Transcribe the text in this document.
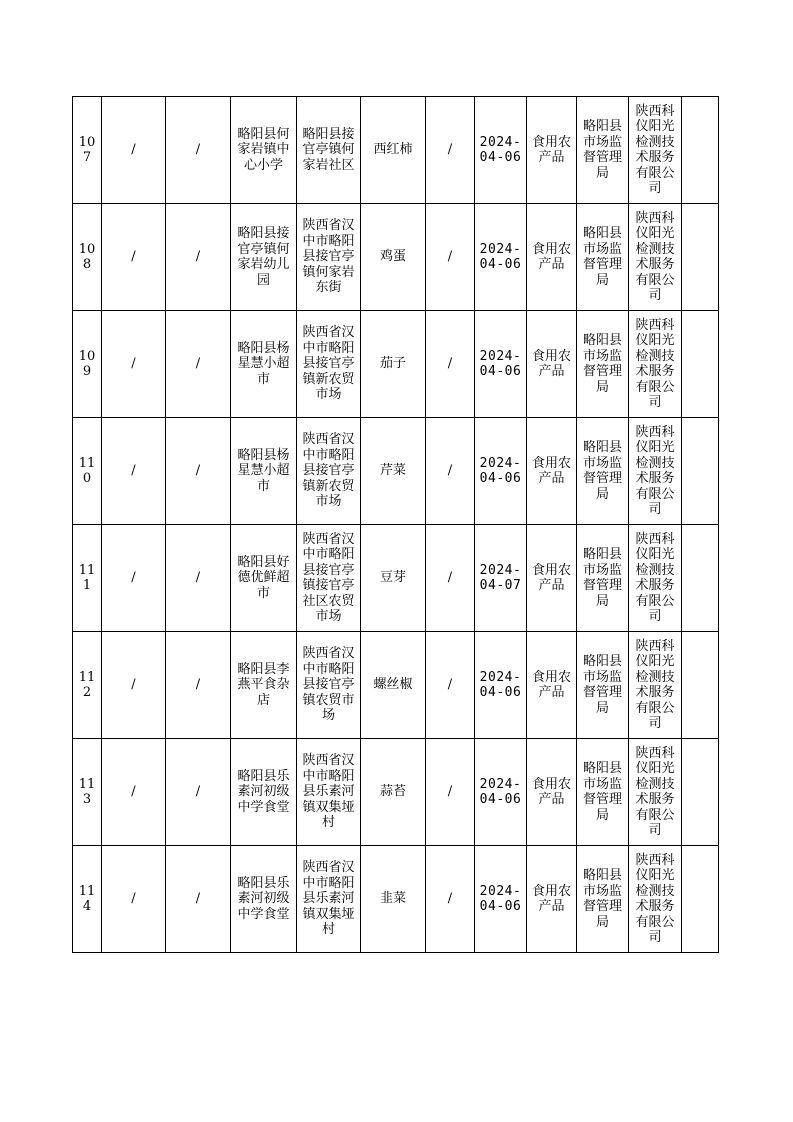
107	/	/	略阳县何家岩镇中心小学	略阳县接官亭镇何家岩社区	西红柿	/	2024-04-06	食用农产品	略阳县市场监督管理局	陕西科仪阳光检测技术服务有限公司	
108	/	/	略阳县接官亭镇何家岩幼儿园	陕西省汉中市略阳县接官亭镇何家岩东街	鸡蛋	/	2024-04-06	食用农产品	略阳县市场监督管理局	陕西科仪阳光检测技术服务有限公司	
109	/	/	略阳县杨星慧小超市	陕西省汉中市略阳县接官亭镇新农贸市场	茄子	/	2024-04-06	食用农产品	略阳县市场监督管理局	陕西科仪阳光检测技术服务有限公司	
110	/	/	略阳县杨星慧小超市	陕西省汉中市略阳县接官亭镇新农贸市场	芹菜	/	2024-04-06	食用农产品	略阳县市场监督管理局	陕西科仪阳光检测技术服务有限公司	
111	/	/	略阳县好德优鲜超市	陕西省汉中市略阳县接官亭镇接官亭社区农贸市场	豆芽	/	2024-04-07	食用农产品	略阳县市场监督管理局	陕西科仪阳光检测技术服务有限公司	
112	/	/	略阳县李燕平食杂店	陕西省汉中市略阳县接官亭镇农贸市场	螺丝椒	/	2024-04-06	食用农产品	略阳县市场监督管理局	陕西科仪阳光检测技术服务有限公司	
113	/	/	略阳县乐素河初级中学食堂	陕西省汉中市略阳县乐素河镇双集垭村	蒜苔	/	2024-04-06	食用农产品	略阳县市场监督管理局	陕西科仪阳光检测技术服务有限公司	
114	/	/	略阳县乐素河初级中学食堂	陕西省汉中市略阳县乐素河镇双集垭村	韭菜	/	2024-04-06	食用农产品	略阳县市场监督管理局	陕西科仪阳光检测技术服务有限公司	
